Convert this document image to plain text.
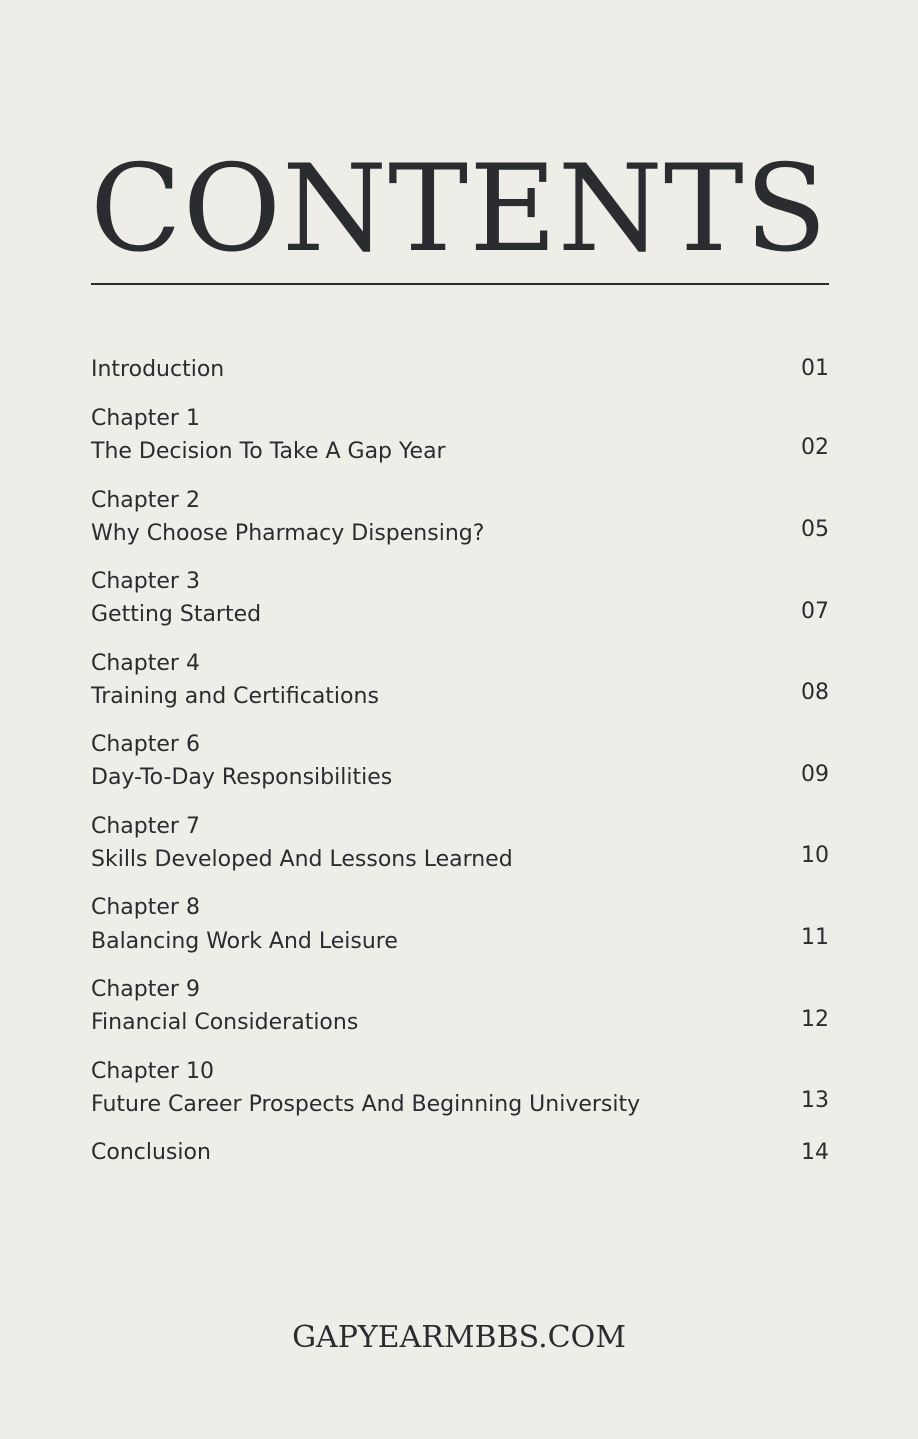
CONTENTS
Introduction	01
Chapter 1
The Decision To Take A Gap Year	02
Chapter 2
Why Choose Pharmacy Dispensing?	05
Chapter 3
Getting Started	07
Chapter 4
Training and Certifications	08
Chapter 6
Day-To-Day Responsibilities	09
Chapter 7
Skills Developed And Lessons Learned	10
Chapter 8
Balancing Work And Leisure	11
Chapter 9
Financial Considerations	12
Chapter 10
Future Career Prospects And Beginning University	13
Conclusion	14
GAPYEARMBBS.COM
